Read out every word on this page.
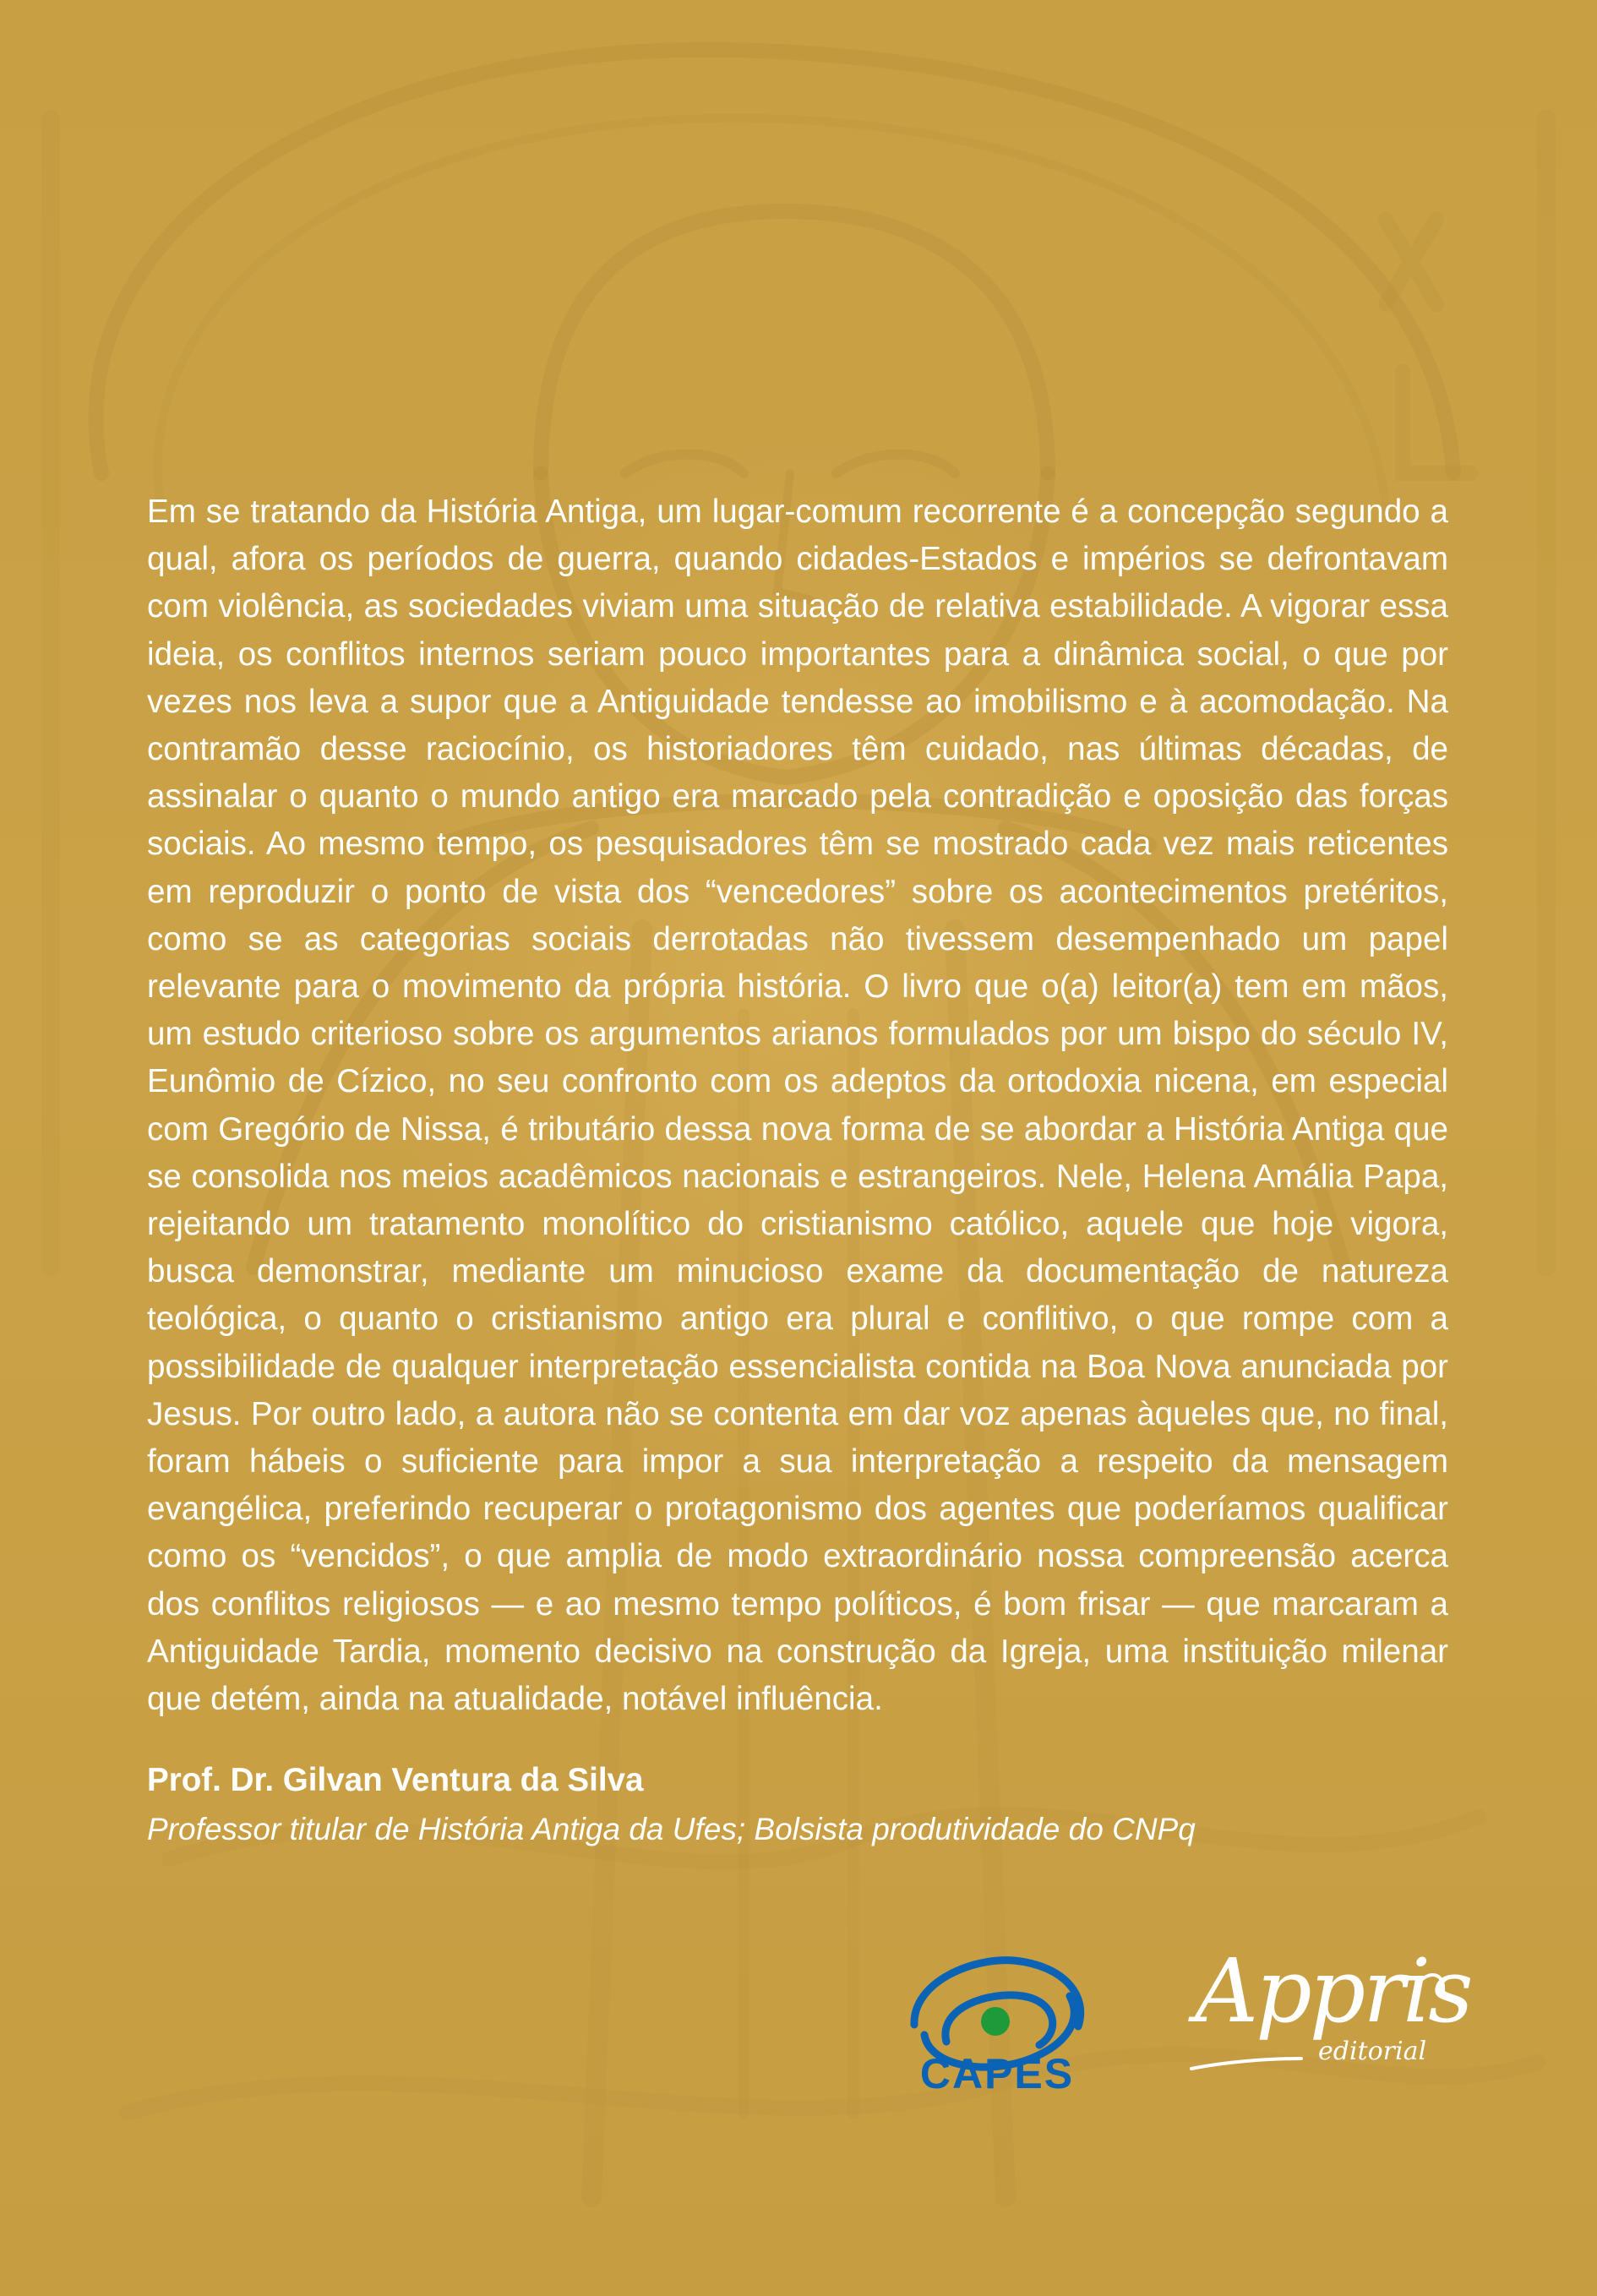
Em se tratando da História Antiga, um lugar-comum recorrente é a concepção segundo a qual, afora os períodos de guerra, quando cidades-Estados e impérios se defrontavam com violência, as sociedades viviam uma situação de relativa estabilidade. A vigorar essa ideia, os conflitos internos seriam pouco importantes para a dinâmica social, o que por vezes nos leva a supor que a Antiguidade tendesse ao imobilismo e à acomodação. Na contramão desse raciocínio, os historiadores têm cuidado, nas últimas décadas, de assinalar o quanto o mundo antigo era marcado pela contradição e oposição das forças sociais. Ao mesmo tempo, os pesquisadores têm se mostrado cada vez mais reticentes em reproduzir o ponto de vista dos “vencedores” sobre os acontecimentos pretéritos, como se as categorias sociais derrotadas não tivessem desempenhado um papel relevante para o movimento da própria história. O livro que o(a) leitor(a) tem em mãos, um estudo criterioso sobre os argumentos arianos formulados por um bispo do século IV, Eunômio de Cízico, no seu confronto com os adeptos da ortodoxia nicena, em especial com Gregório de Nissa, é tributário dessa nova forma de se abordar a História Antiga que se consolida nos meios acadêmicos nacionais e estrangeiros. Nele, Helena Amália Papa, rejeitando um tratamento monolítico do cristianismo católico, aquele que hoje vigora, busca demonstrar, mediante um minucioso exame da documentação de natureza teológica, o quanto o cristianismo antigo era plural e conflitivo, o que rompe com a possibilidade de qualquer interpretação essencialista contida na Boa Nova anunciada por Jesus. Por outro lado, a autora não se contenta em dar voz apenas àqueles que, no final, foram hábeis o suficiente para impor a sua interpretação a respeito da mensagem evangélica, preferindo recuperar o protagonismo dos agentes que poderíamos qualificar como os “vencidos”, o que amplia de modo extraordinário nossa compreensão acerca dos conflitos religiosos — e ao mesmo tempo políticos, é bom frisar — que marcaram a Antiguidade Tardia, momento decisivo na construção da Igreja, uma instituição milenar que detém, ainda na atualidade, notável influência.

Prof. Dr. Gilvan Ventura da Silva
Professor titular de História Antiga da Ufes; Bolsista produtividade do CNPq
CAPES
Appris
editorial
